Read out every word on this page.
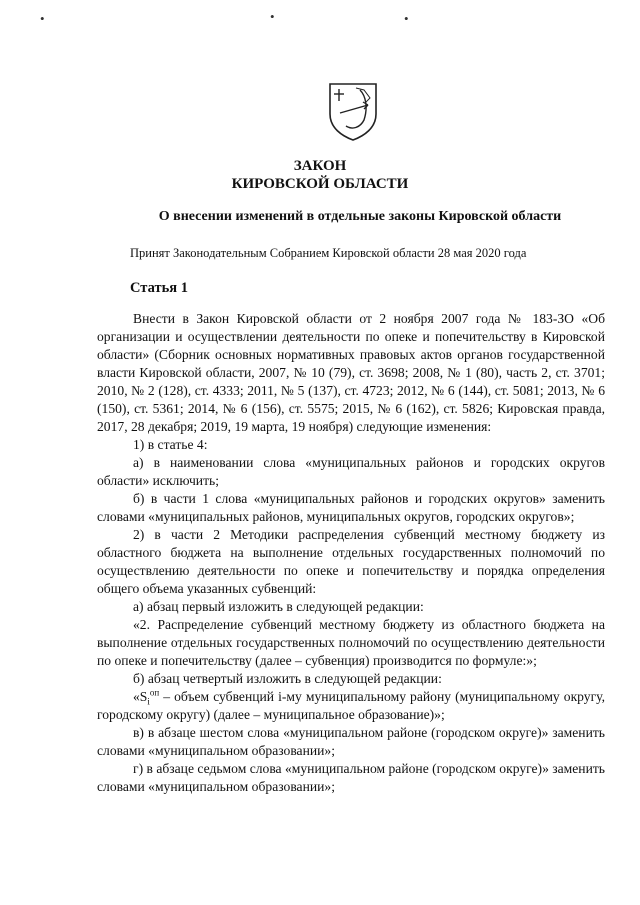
•	•	•
ЗАКОН
КИРОВСКОЙ ОБЛАСТИ
О внесении изменений в отдельные законы Кировской области
Принят Законодательным Собранием Кировской области 28 мая 2020 года
Статья 1

Внести в Закон Кировской области от 2 ноября 2007 года № 183-ЗО «Об организации и осуществлении деятельности по опеке и попечительству в Кировской области» (Сборник основных нормативных правовых актов органов государственной власти Кировской области, 2007, № 10 (79), ст. 3698; 2008, № 1 (80), часть 2, ст. 3701; 2010, № 2 (128), ст. 4333; 2011, № 5 (137), ст. 4723; 2012, № 6 (144), ст. 5081; 2013, № 6 (150), ст. 5361; 2014, № 6 (156), ст. 5575; 2015, № 6 (162), ст. 5826; Кировская правда, 2017, 28 декабря; 2019, 19 марта, 19 ноября) следующие изменения:

1) в статье 4:

а) в наименовании слова «муниципальных районов и городских округов области» исключить;

б) в части 1 слова «муниципальных районов и городских округов» заменить словами «муниципальных районов, муниципальных округов, городских округов»;

2) в части 2 Методики распределения субвенций местному бюджету из областного бюджета на выполнение отдельных государственных полномочий по осуществлению деятельности по опеке и попечительству и порядка определения общего объема указанных субвенций:

а) абзац первый изложить в следующей редакции:

«2. Распределение субвенций местному бюджету из областного бюджета на выполнение отдельных государственных полномочий по осуществлению деятельности по опеке и попечительству (далее – субвенция) производится по формуле:»;

б) абзац четвертый изложить в следующей редакции:

«$S_i^{оп}$ – объем субвенций i-му муниципальному району (муниципальному округу, городскому округу) (далее – муниципальное образование)»;

в) в абзаце шестом слова «муниципальном районе (городском округе)» заменить словами «муниципальном образовании»;

г) в абзаце седьмом слова «муниципальном районе (городском округе)» заменить словами «муниципальном образовании»;
